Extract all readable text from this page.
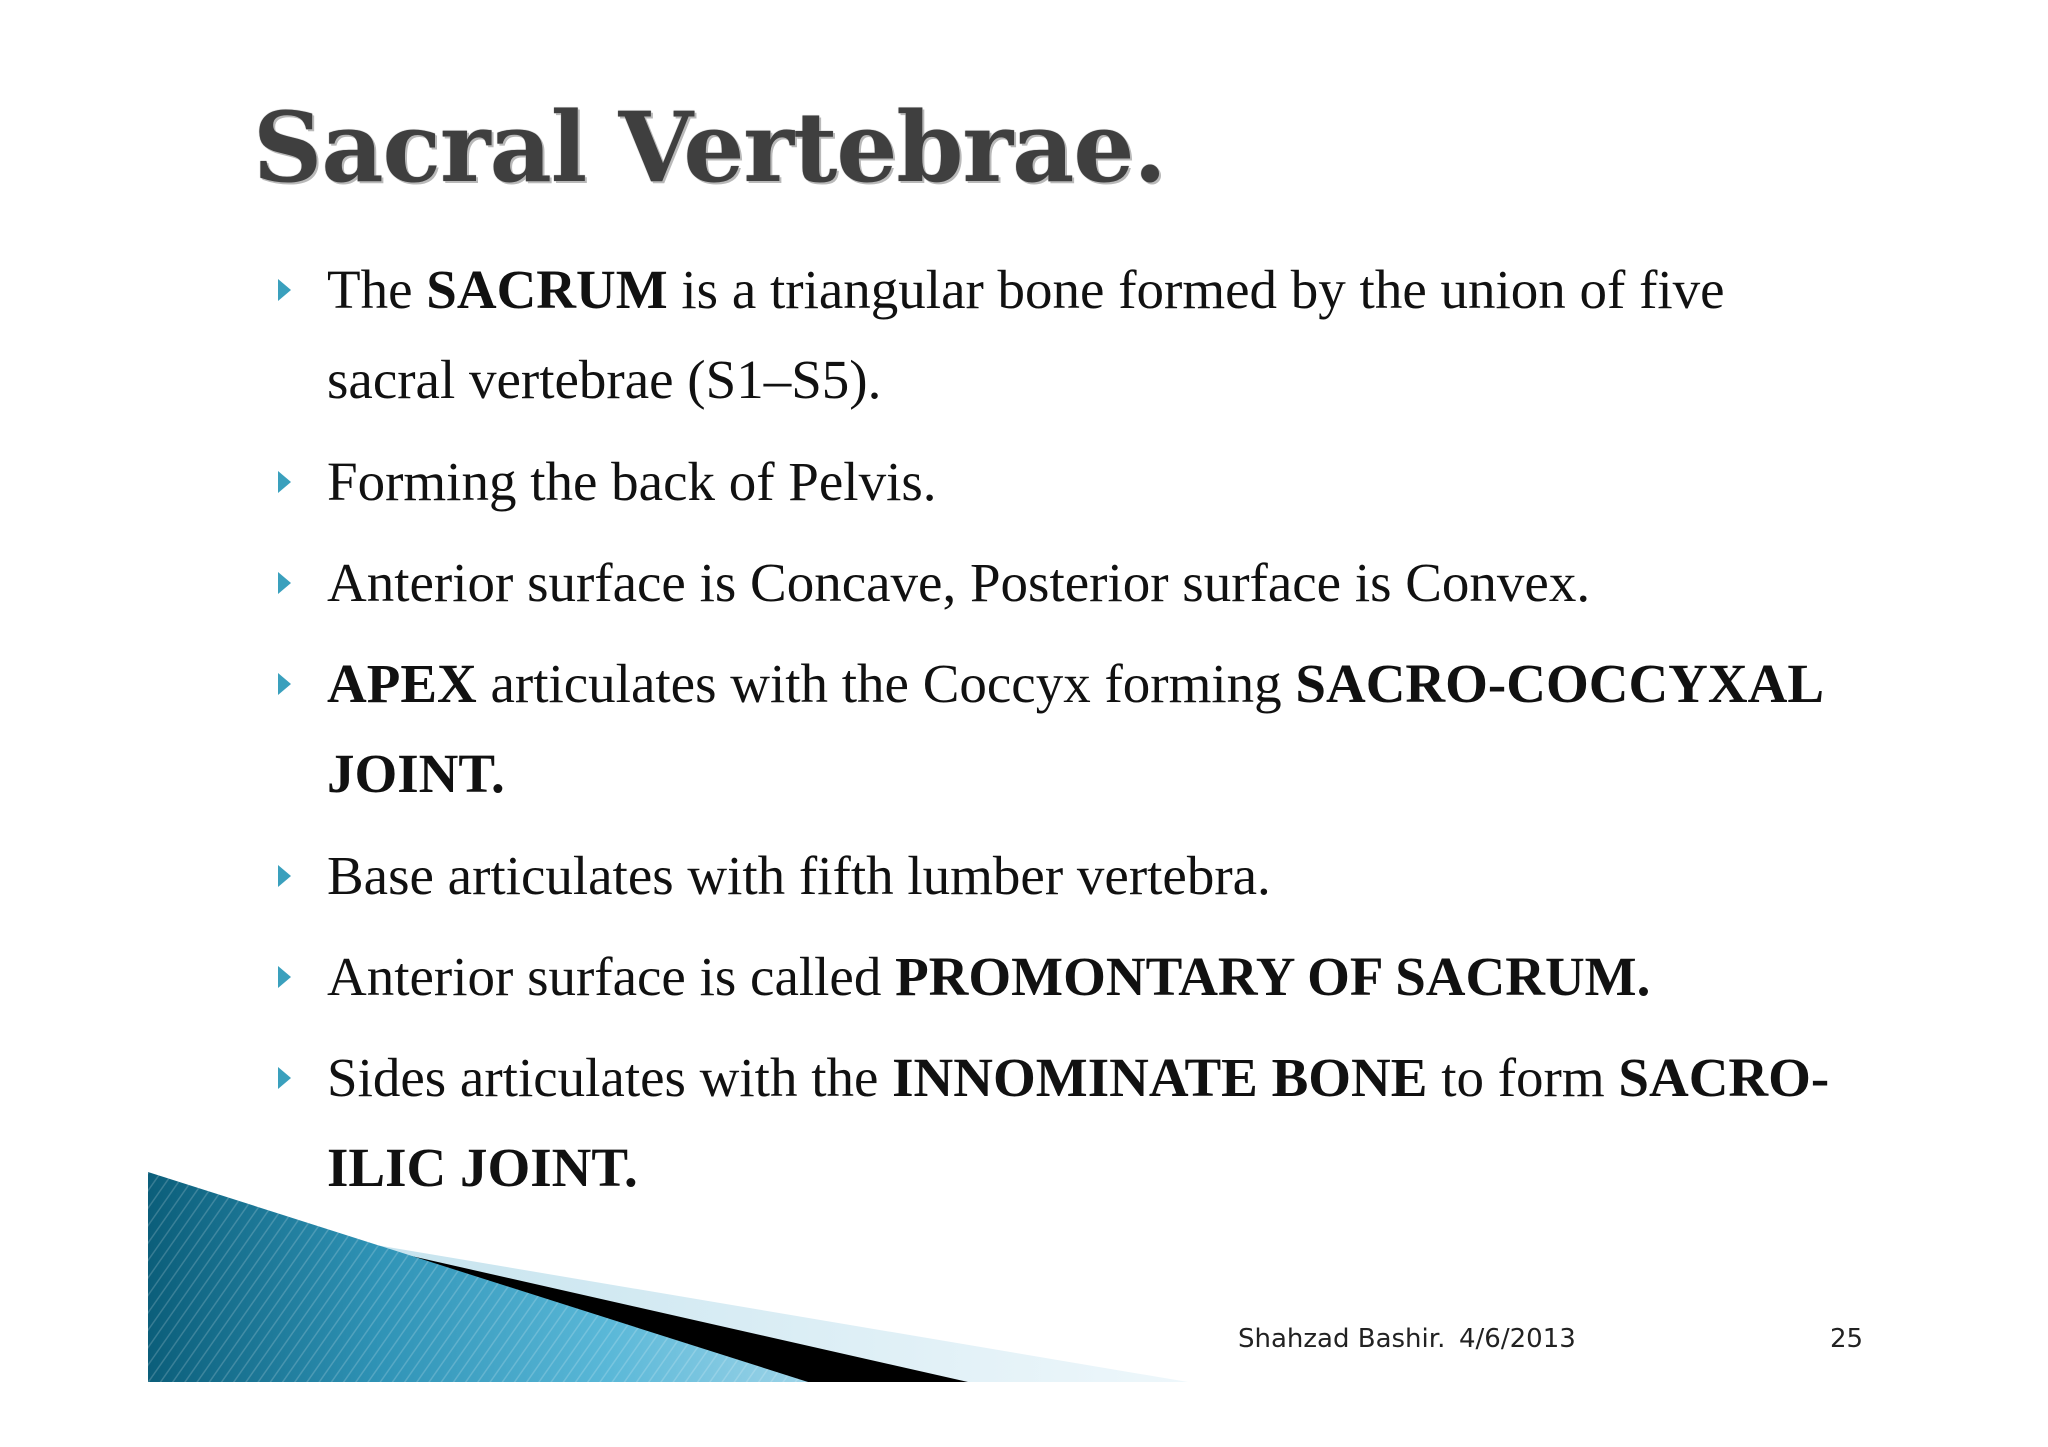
Sacral Vertebrae.
The SACRUM is a triangular bone formed by the union of five sacral vertebrae (S1–S5).
Forming the back of Pelvis.
Anterior surface is Concave, Posterior surface is Convex.
APEX articulates with the Coccyx forming SACRO-COCCYXAL JOINT.
Base articulates with fifth lumber vertebra.
Anterior surface is called PROMONTARY OF SACRUM.
Sides articulates with the INNOMINATE BONE to form SACRO-ILIC JOINT.
Shahzad Bashir. 4/6/2013	25
